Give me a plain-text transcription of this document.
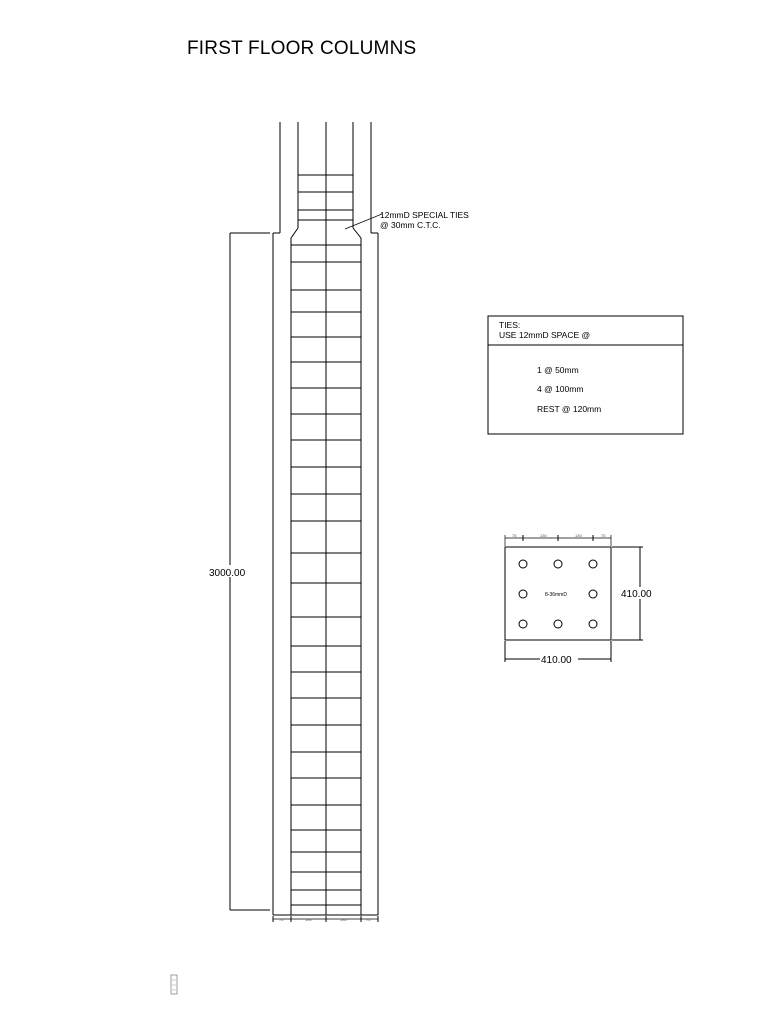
FIRST FLOOR COLUMNS
75	130	130	75
12mmD SPECIAL TIES
@ 30mm C.T.C.
3000.00
TIES:
USE 12mmD SPACE @
1 @ 50mm
4 @ 100mm
REST @ 120mm
8-36mmD
75	130	130	75
410.00
410.00
